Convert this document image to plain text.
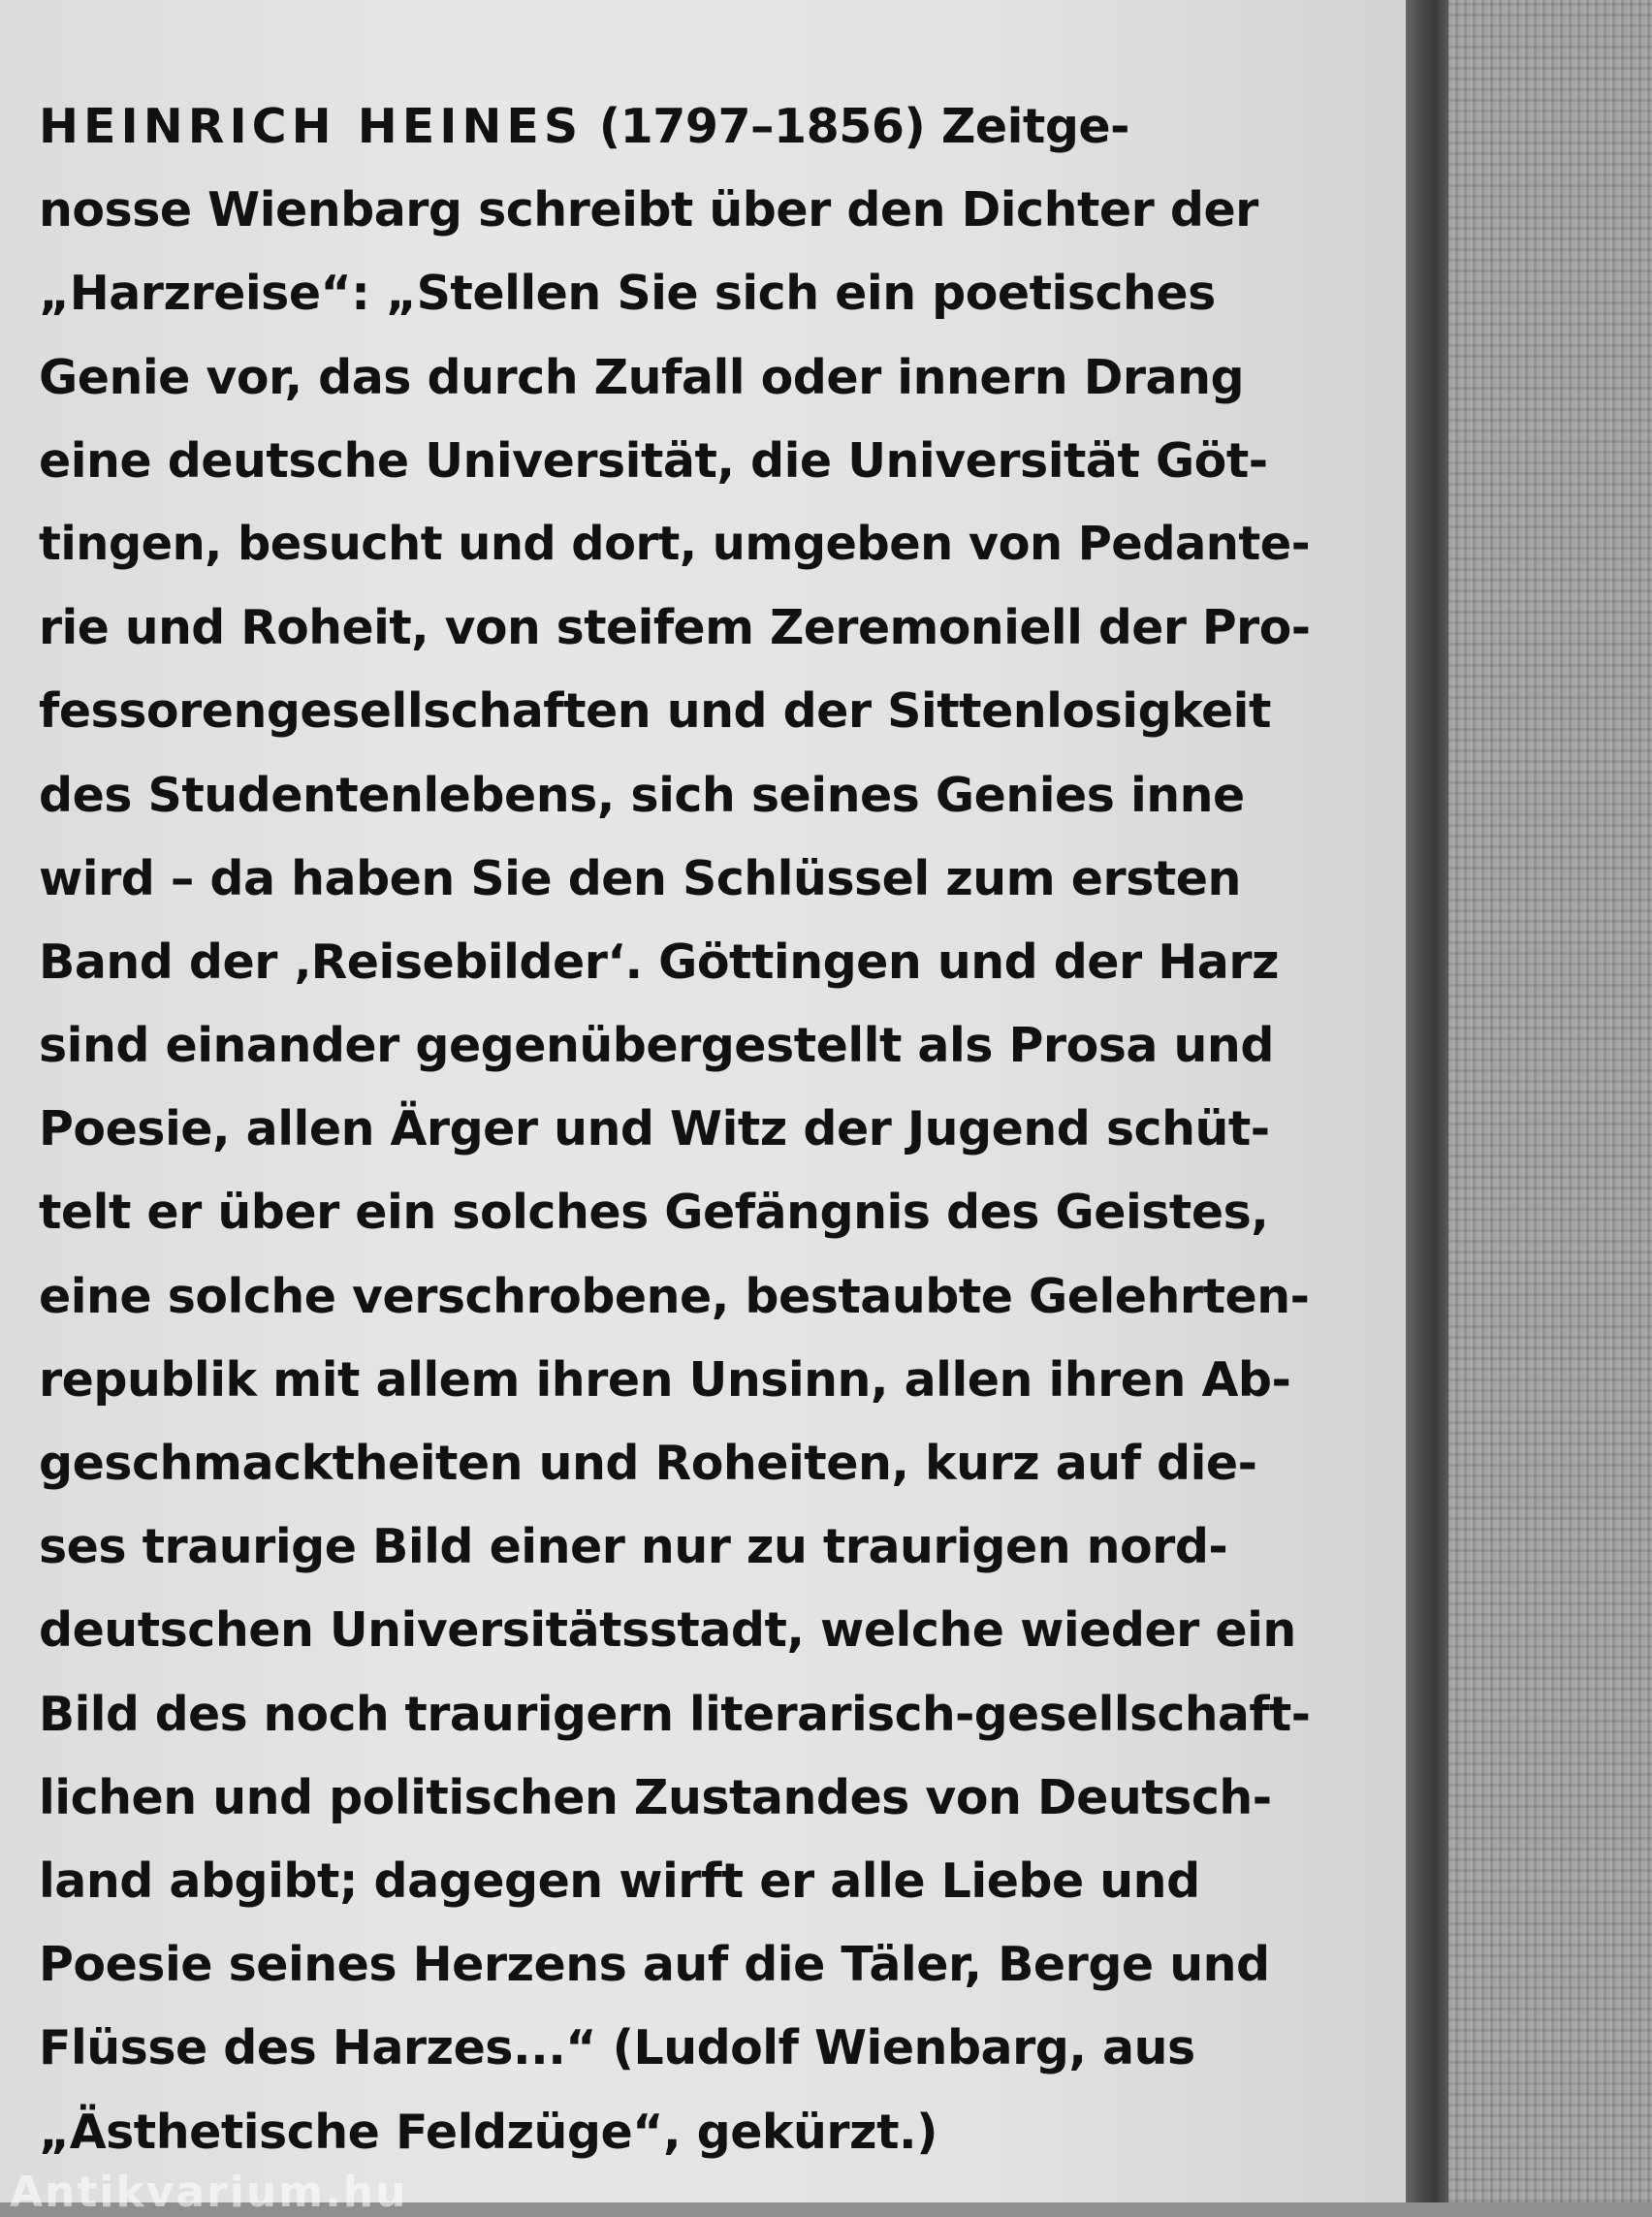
HEINRICH HEINES (1797–1856) Zeitge-
nosse Wienbarg schreibt über den Dichter der
„Harzreise“: „Stellen Sie sich ein poetisches
Genie vor, das durch Zufall oder innern Drang
eine deutsche Universität, die Universität Göt-
tingen, besucht und dort, umgeben von Pedante-
rie und Roheit, von steifem Zeremoniell der Pro-
fessorengesellschaften und der Sittenlosigkeit
des Studentenlebens, sich seines Genies inne
wird – da haben Sie den Schlüssel zum ersten
Band der ‚Reisebilder‘. Göttingen und der Harz
sind einander gegenübergestellt als Prosa und
Poesie, allen Ärger und Witz der Jugend schüt-
telt er über ein solches Gefängnis des Geistes,
eine solche verschrobene, bestaubte Gelehrten-
republik mit allem ihren Unsinn, allen ihren Ab-
geschmacktheiten und Roheiten, kurz auf die-
ses traurige Bild einer nur zu traurigen nord-
deutschen Universitätsstadt, welche wieder ein
Bild des noch traurigern literarisch-gesellschaft-
lichen und politischen Zustandes von Deutsch-
land abgibt; dagegen wirft er alle Liebe und
Poesie seines Herzens auf die Täler, Berge und
Flüsse des Harzes...“ (Ludolf Wienbarg, aus
„Ästhetische Feldzüge“, gekürzt.)
Antikvarium.hu
